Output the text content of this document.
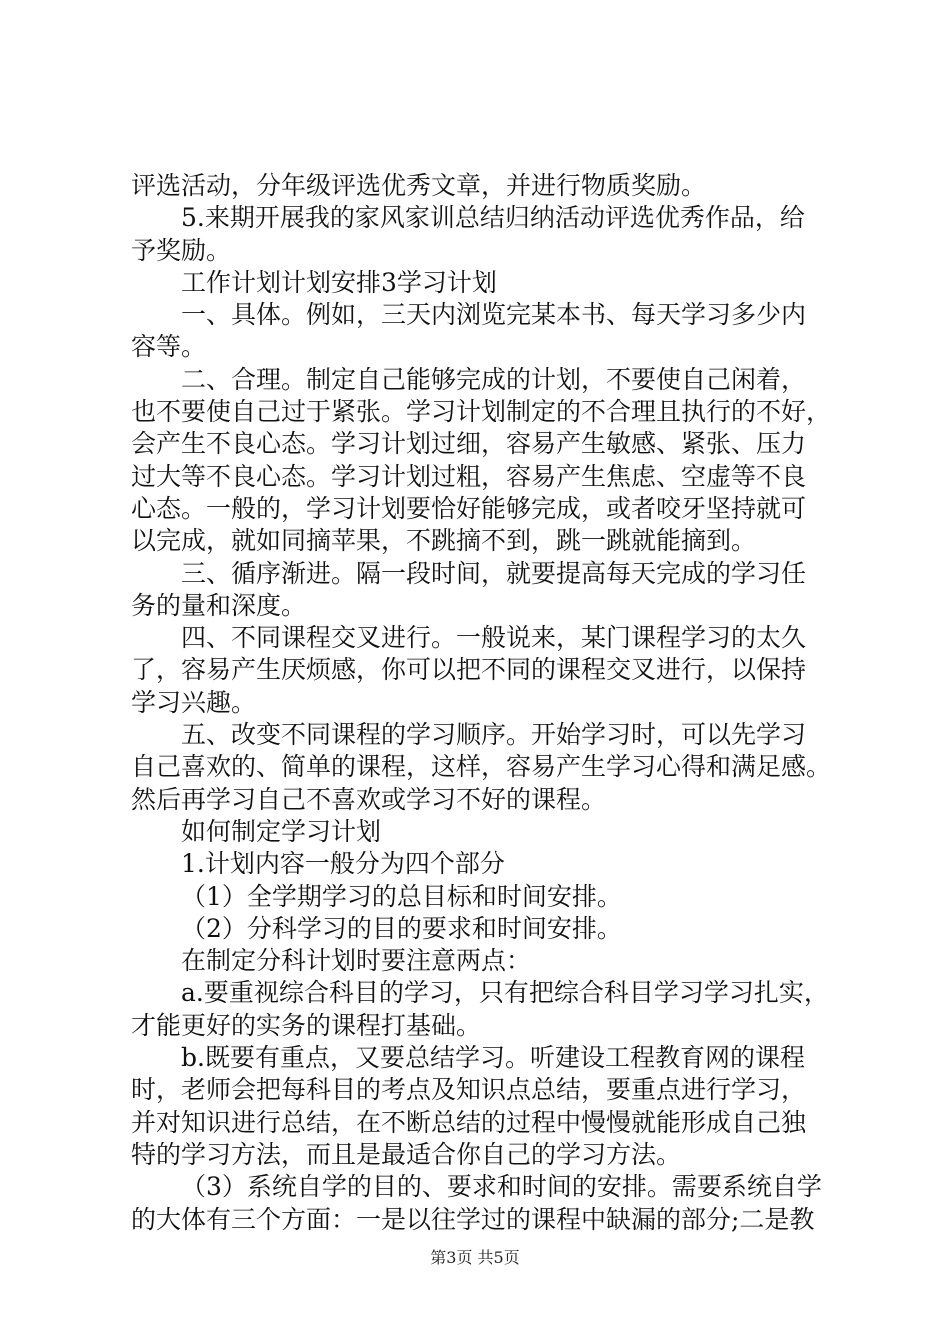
评选活动，分年级评选优秀文章，并进行物质奖励。
5.来期开展我的家风家训总结归纳活动评选优秀作品，给
予奖励。
工作计划计划安排3学习计划
一、具体。例如，三天内浏览完某本书、每天学习多少内
容等。
二、合理。制定自己能够完成的计划，不要使自己闲着，
也不要使自己过于紧张。学习计划制定的不合理且执行的不好，
会产生不良心态。学习计划过细，容易产生敏感、紧张、压力
过大等不良心态。学习计划过粗，容易产生焦虑、空虚等不良
心态。一般的，学习计划要恰好能够完成，或者咬牙坚持就可
以完成，就如同摘苹果，不跳摘不到，跳一跳就能摘到。
三、循序渐进。隔一段时间，就要提高每天完成的学习任
务的量和深度。
四、不同课程交叉进行。一般说来，某门课程学习的太久
了，容易产生厌烦感，你可以把不同的课程交叉进行，以保持
学习兴趣。
五、改变不同课程的学习顺序。开始学习时，可以先学习
自己喜欢的、简单的课程，这样，容易产生学习心得和满足感。
然后再学习自己不喜欢或学习不好的课程。
如何制定学习计划
1.计划内容一般分为四个部分
（1）全学期学习的总目标和时间安排。
（2）分科学习的目的要求和时间安排。
在制定分科计划时要注意两点：
a.要重视综合科目的学习，只有把综合科目学习学习扎实，
才能更好的实务的课程打基础。
b.既要有重点，又要总结学习。听建设工程教育网的课程
时，老师会把每科目的考点及知识点总结，要重点进行学习，
并对知识进行总结，在不断总结的过程中慢慢就能形成自己独
特的学习方法，而且是最适合你自己的学习方法。
（3）系统自学的目的、要求和时间的安排。需要系统自学
的大体有三个方面：一是以往学过的课程中缺漏的部分;二是教
第3页 共5页
